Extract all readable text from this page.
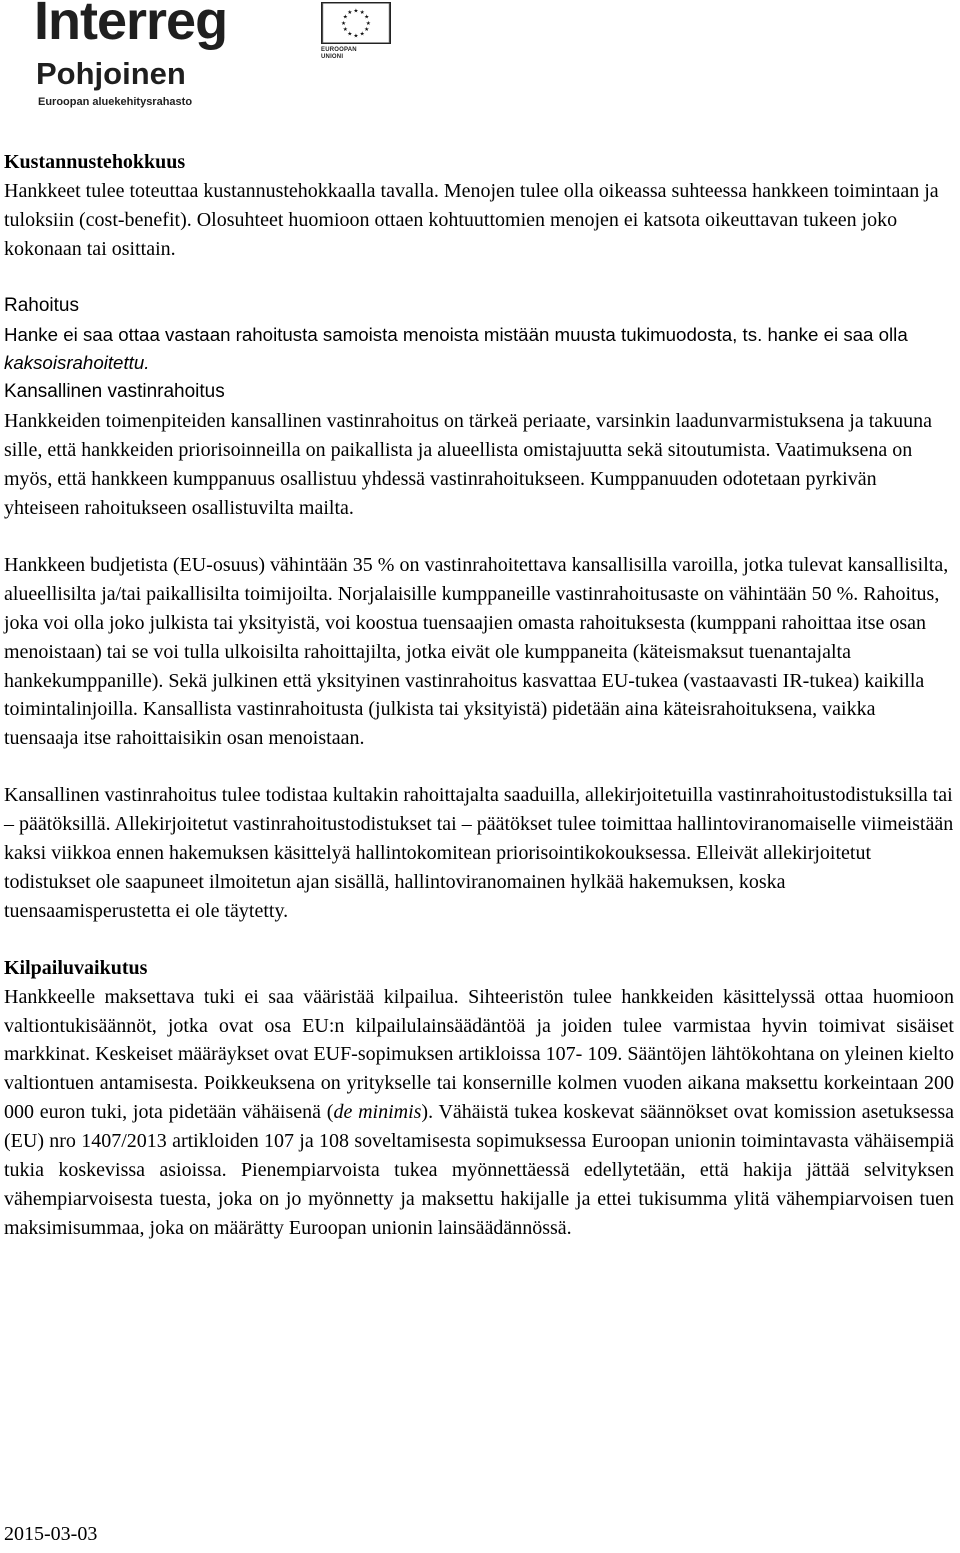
Interreg
Pohjoinen
Euroopan aluekehitysrahasto
★ ★
★
★
★
★
★
★
★
★
★
★
EUROOPAN
UNIONI
Kustannustehokkuus

Hankkeet tulee toteuttaa kustannustehokkaalla tavalla. Menojen tulee olla oikeassa suhteessa hankkeen toimintaan ja tuloksiin (cost-benefit). Olosuhteet huomioon ottaen kohtuuttomien menojen ei katsota oikeuttavan tukeen joko kokonaan tai osittain.

Rahoitus

Hanke ei saa ottaa vastaan rahoitusta samoista menoista mistään muusta tukimuodosta, ts. hanke ei saa olla kaksoisrahoitettu.

Kansallinen vastinrahoitus

Hankkeiden toimenpiteiden kansallinen vastinrahoitus on tärkeä periaate, varsinkin laadunvarmistuksena ja takuuna sille, että hankkeiden priorisoinneilla on paikallista ja alueellista omistajuutta sekä sitoutumista. Vaatimuksena on myös, että hankkeen kumppanuus osallistuu yhdessä vastinrahoitukseen. Kumppanuuden odotetaan pyrkivän yhteiseen rahoitukseen osallistuvilta mailta.

Hankkeen budjetista (EU-osuus) vähintään 35 % on vastinrahoitettava kansallisilla varoilla, jotka tulevat kansallisilta, alueellisilta ja/tai paikallisilta toimijoilta. Norjalaisille kumppaneille vastinrahoitusaste on vähintään 50 %. Rahoitus, joka voi olla joko julkista tai yksityistä, voi koostua tuensaajien omasta rahoituksesta (kumppani rahoittaa itse osan menoistaan) tai se voi tulla ulkoisilta rahoittajilta, jotka eivät ole kumppaneita (käteismaksut tuenantajalta hankekumppanille). Sekä julkinen että yksityinen vastinrahoitus kasvattaa EU-tukea (vastaavasti IR-tukea) kaikilla toimintalinjoilla. Kansallista vastinrahoitusta (julkista tai yksityistä) pidetään aina käteisrahoituksena, vaikka tuensaaja itse rahoittaisikin osan menoistaan.

Kansallinen vastinrahoitus tulee todistaa kultakin rahoittajalta saaduilla, allekirjoitetuilla vastinrahoitustodistuksilla tai – päätöksillä. Allekirjoitetut vastinrahoitustodistukset tai – päätökset tulee toimittaa hallintoviranomaiselle viimeistään kaksi viikkoa ennen hakemuksen käsittelyä hallintokomitean priorisointikokouksessa. Elleivät allekirjoitetut todistukset ole saapuneet ilmoitetun ajan sisällä, hallintoviranomainen hylkää hakemuksen, koska tuensaamisperustetta ei ole täytetty.

Kilpailuvaikutus

Hankkeelle maksettava tuki ei saa vääristää kilpailua. Sihteeristön tulee hankkeiden käsittelyssä ottaa huomioon valtiontukisäännöt, jotka ovat osa EU:n kilpailulainsäädäntöä ja joiden tulee varmistaa hyvin toimivat sisäiset markkinat. Keskeiset määräykset ovat EUF-sopimuksen artikloissa 107- 109. Sääntöjen lähtökohtana on yleinen kielto valtiontuen antamisesta. Poikkeuksena on yritykselle tai konsernille kolmen vuoden aikana maksettu korkeintaan 200 000 euron tuki, jota pidetään vähäisenä (de minimis). Vähäistä tukea koskevat säännökset ovat komission asetuksessa (EU) nro 1407/2013 artikloiden 107 ja 108 soveltamisesta sopimuksessa Euroopan unionin toimintavasta vähäisempiä tukia koskevissa asioissa. Pienempiarvoista tukea myönnettäessä edellytetään, että hakija jättää selvityksen vähempiarvoisesta tuesta, joka on jo myönnetty ja maksettu hakijalle ja ettei tukisumma ylitä vähempiarvoisen tuen maksimisummaa, joka on määrätty Euroopan unionin lainsäädännössä.

2015-03-03
